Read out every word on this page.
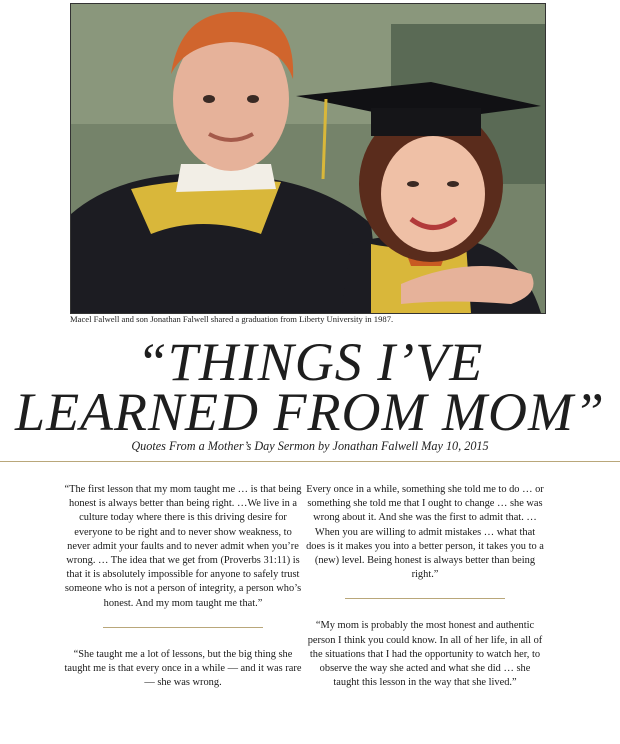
Macel Falwell and son Jonathan Falwell shared a graduation from Liberty University in 1987.
“THINGS I’VE
LEARNED FROM MOM”
Quotes From a Mother’s Day Sermon by Jonathan Falwell May 10, 2015

“The first lesson that my mom taught me … is that being honest is always better than being right. …We live in a culture today where there is this driving desire for everyone to be right and to never show weakness, to never admit your faults and to never admit when you’re wrong. … The idea that we get from (Proverbs 31:11) is that it is absolutely impossible for anyone to safely trust someone who is not a person of integrity, a person who’s honest. And my mom taught me that.”

“She taught me a lot of lessons, but the big thing she taught me is that every once in a while — and it was rare — she was wrong.

Every once in a while, something she told me to do … or something she told me that I ought to change … she was wrong about it. And she was the first to admit that. …When you are willing to admit mistakes … what that does is it makes you into a better person, it takes you to a (new) level. Being honest is always better than being right.”

“My mom is probably the most honest and authentic person I think you could know. In all of her life, in all of the situations that I had the opportunity to watch her, to observe the way she acted and what she did … she taught this lesson in the way that she lived.”
